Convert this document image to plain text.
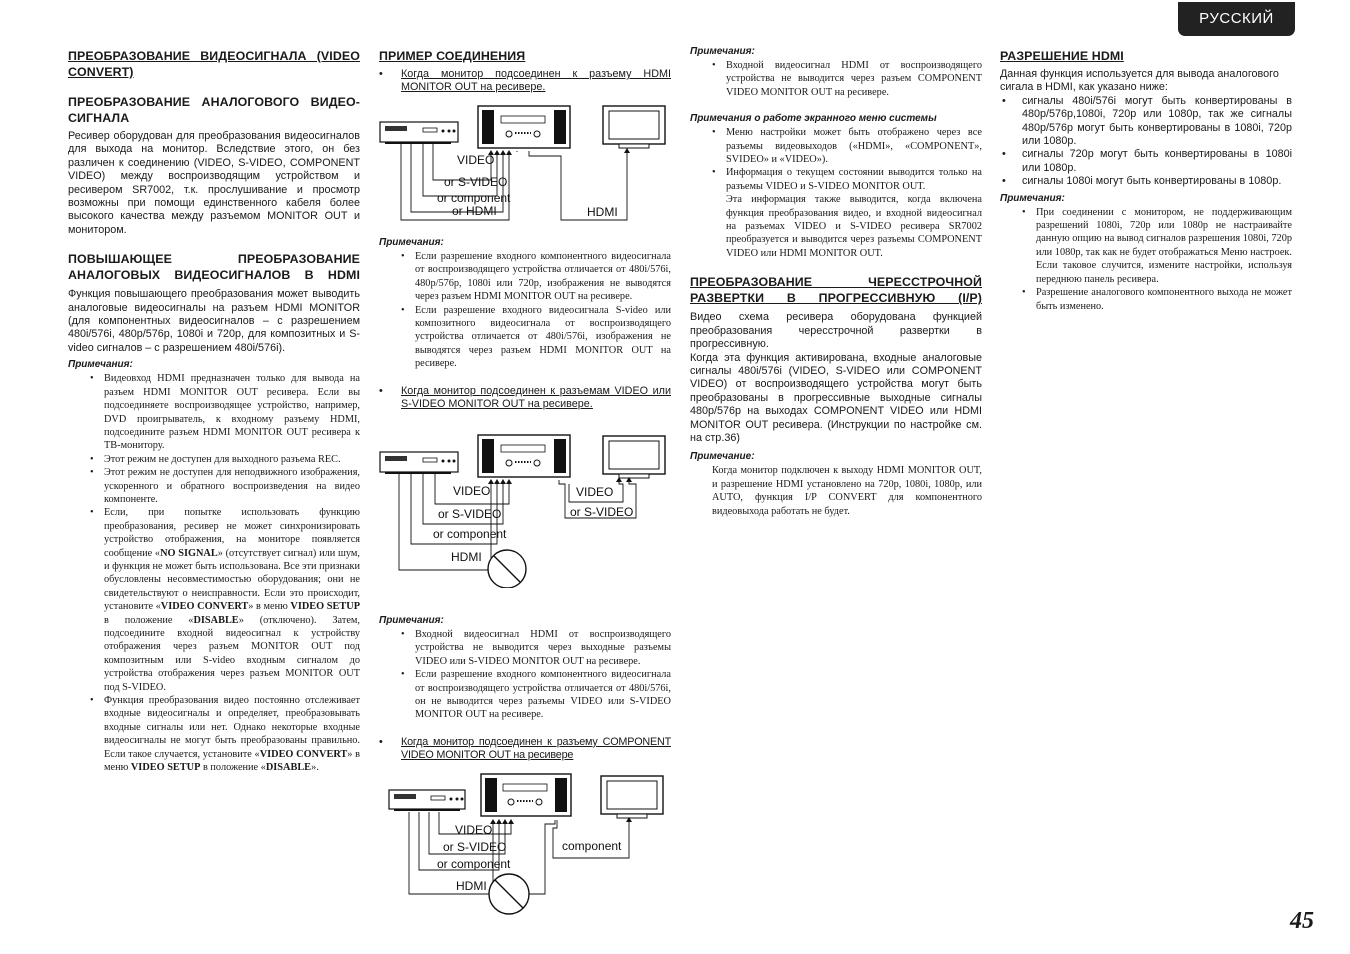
РУССКИЙ
ПРЕОБРАЗОВАНИЕ ВИДЕОСИГНАЛА (VIDEO CONVERT)
ПРЕОБРАЗОВАНИЕ АНАЛОГОВОГО ВИДЕО-СИГНАЛА
Ресивер оборудован для преобразования видеосигналов для выхода на монитор. Вследствие этого, он без различен к соединению (VIDEO, S-VIDEO, COMPONENT VIDEO) между воспроизводящим устройством и ресивером SR7002, т.к. прослушивание и просмотр возможны при помощи единственного кабеля более высокого качества между разъемом MONITOR OUT и монитором.
ПОВЫШАЮЩЕЕ ПРЕОБРАЗОВАНИЕ АНАЛОГОВЫХ ВИДЕОСИГНАЛОВ В HDMI
Функция повышающего преобразования может выводить аналоговые видеосигналы на разъем HDMI MONITOR (для компонентных видеосигналов – с разрешением 480i/576i, 480p/576p, 1080i и 720p, для композитных и S-video сигналов – с разрешением 480i/576i).
Примечания:
• Видеовход HDMI предназначен только для вывода на разъем HDMI MONITOR OUT ресивера. Если вы подсоединяете воспроизводящее устройство, например, DVD проигрыватель, к входному разъему HDMI, подсоедините разъем HDMI MONITOR OUT ресивера к ТВ-монитору.
• Этот режим не доступен для выходного разъема REC.
• Этот режим не доступен для неподвижного изображения, ускоренного и обратного воспроизведения на видео компоненте.
• Если, при попытке использовать функцию преобразования, ресивер не может синхронизировать устройство отображения, на мониторе появляется сообщение «NO SIGNAL» (отсутствует сигнал) или шум, и функция не может быть использована. Все эти признаки обусловлены несовместимостью оборудования; они не свидетельствуют о неисправности. Если это происходит, установите «VIDEO CONVERT» в меню VIDEO SETUP в положение «DISABLE» (отключено). Затем, подсоедините входной видеосигнал к устройству отображения через разъем MONITOR OUT под композитным или S-video входным сигналом до устройства отображения через разъем MONITOR OUT под S-VIDEO.
• Функция преобразования видео постоянно отслеживает входные видеосигналы и определяет, преобразовывать входные сигналы или нет. Однако некоторые входные видеосигналы не могут быть преобразованы правильно. Если такое случается, установите «VIDEO CONVERT» в меню VIDEO SETUP в положение «DISABLE».
ПРИМЕР СОЕДИНЕНИЯ
• Когда монитор подсоединен к разъему HDMI MONITOR OUT на ресивере.
VIDEO
or S-VIDEO
or component
or HDMI	HDMI
Примечания:
• Если разрешение входного компонентного видеосигнала от воспроизводящего устройства отличается от 480i/576i, 480p/576p, 1080i или 720p, изображения не выводятся через разъем HDMI MONITOR OUT на ресивере.
• Если разрешение входного видеосигнала S-video или композитного видеосигнала от воспроизводящего устройства отличается от 480i/576i, изображения не выводятся через разъем HDMI MONITOR OUT на ресивере.
• Когда монитор подсоединен к разъемам VIDEO или S-VIDEO MONITOR OUT на ресивере.
VIDEO
or S-VIDEO
or component
HDMI
VIDEO
or S-VIDEO
Примечания:
• Входной видеосигнал HDMI от воспроизводящего устройства не выводится через выходные разъемы VIDEO или S-VIDEO MONITOR OUT на ресивере.
• Если разрешение входного компонентного видеосигнала от воспроизводящего устройства отличается от 480i/576i, он не выводится через разъемы VIDEO или S-VIDEO MONITOR OUT на ресивере.
• Когда монитор подсоединен к разъему COMPONENT VIDEO MONITOR OUT на ресивере
VIDEO
or S-VIDEO
or component
HDMI
component
Примечания:
• Входной видеосигнал HDMI от воспроизводящего устройства не выводится через разъем COMPONENT VIDEO MONITOR OUT на ресивере.
Примечания о работе экранного меню системы
• Меню настройки может быть отображено через все разъемы видеовыходов («HDMI», «COMPONENT», SVIDEO» и «VIDEO»).
• Информация о текущем состоянии выводится только на разъемы VIDEO и S-VIDEO MONITOR OUT.
Эта информация также выводится, когда включена функция преобразования видео, и входной видеосигнал на разъемах VIDEO и S-VIDEO ресивера SR7002 преобразуется и выводится через разъемы COMPONENT VIDEO или HDMI MONITOR OUT.
ПРЕОБРАЗОВАНИЕ ЧЕРЕССТРОЧНОЙ РАЗВЕРТКИ В ПРОГРЕССИВНУЮ (I/P)
Видео схема ресивера оборудована функцией преобразования чересстрочной развертки в прогрессивную.
Когда эта функция активирована, входные аналоговые сигналы 480i/576i (VIDEO, S-VIDEO или COMPONENT VIDEO) от воспроизводящего устройства могут быть преобразованы в прогрессивные выходные сигналы 480p/576p на выходах COMPONENT VIDEO или HDMI MONITOR OUT ресивера. (Инструкции по настройке см. на стр.36)
Примечание:
Когда монитор подключен к выходу HDMI MONITOR OUT, и разрешение HDMI установлено на 720p, 1080i, 1080p, или AUTO, функция I/P CONVERT для компонентного видеовыхода работать не будет.
РАЗРЕШЕНИЕ HDMI
Данная функция используется для вывода аналогового сигала в HDMI, как указано ниже:
• сигналы 480i/576i могут быть конвертированы в 480p/576p,1080i, 720p или 1080p, так же сигналы 480p/576p могут быть конвертированы в 1080i, 720p или 1080p.
• сигналы 720p могут быть конвертированы в 1080i или 1080p.
• сигналы 1080i могут быть конвертированы в 1080p.
Примечания:
• При соединении с монитором, не поддерживающим разрешений 1080i, 720p или 1080p не настраивайте данную опцию на вывод сигналов разрешения 1080i, 720p или 1080p, так как не будет отображаться Меню настроек. Если таковое случится, измените настройки, используя переднюю панель ресивера.
• Разрешение аналогового компонентного выхода не может быть изменено.
45
